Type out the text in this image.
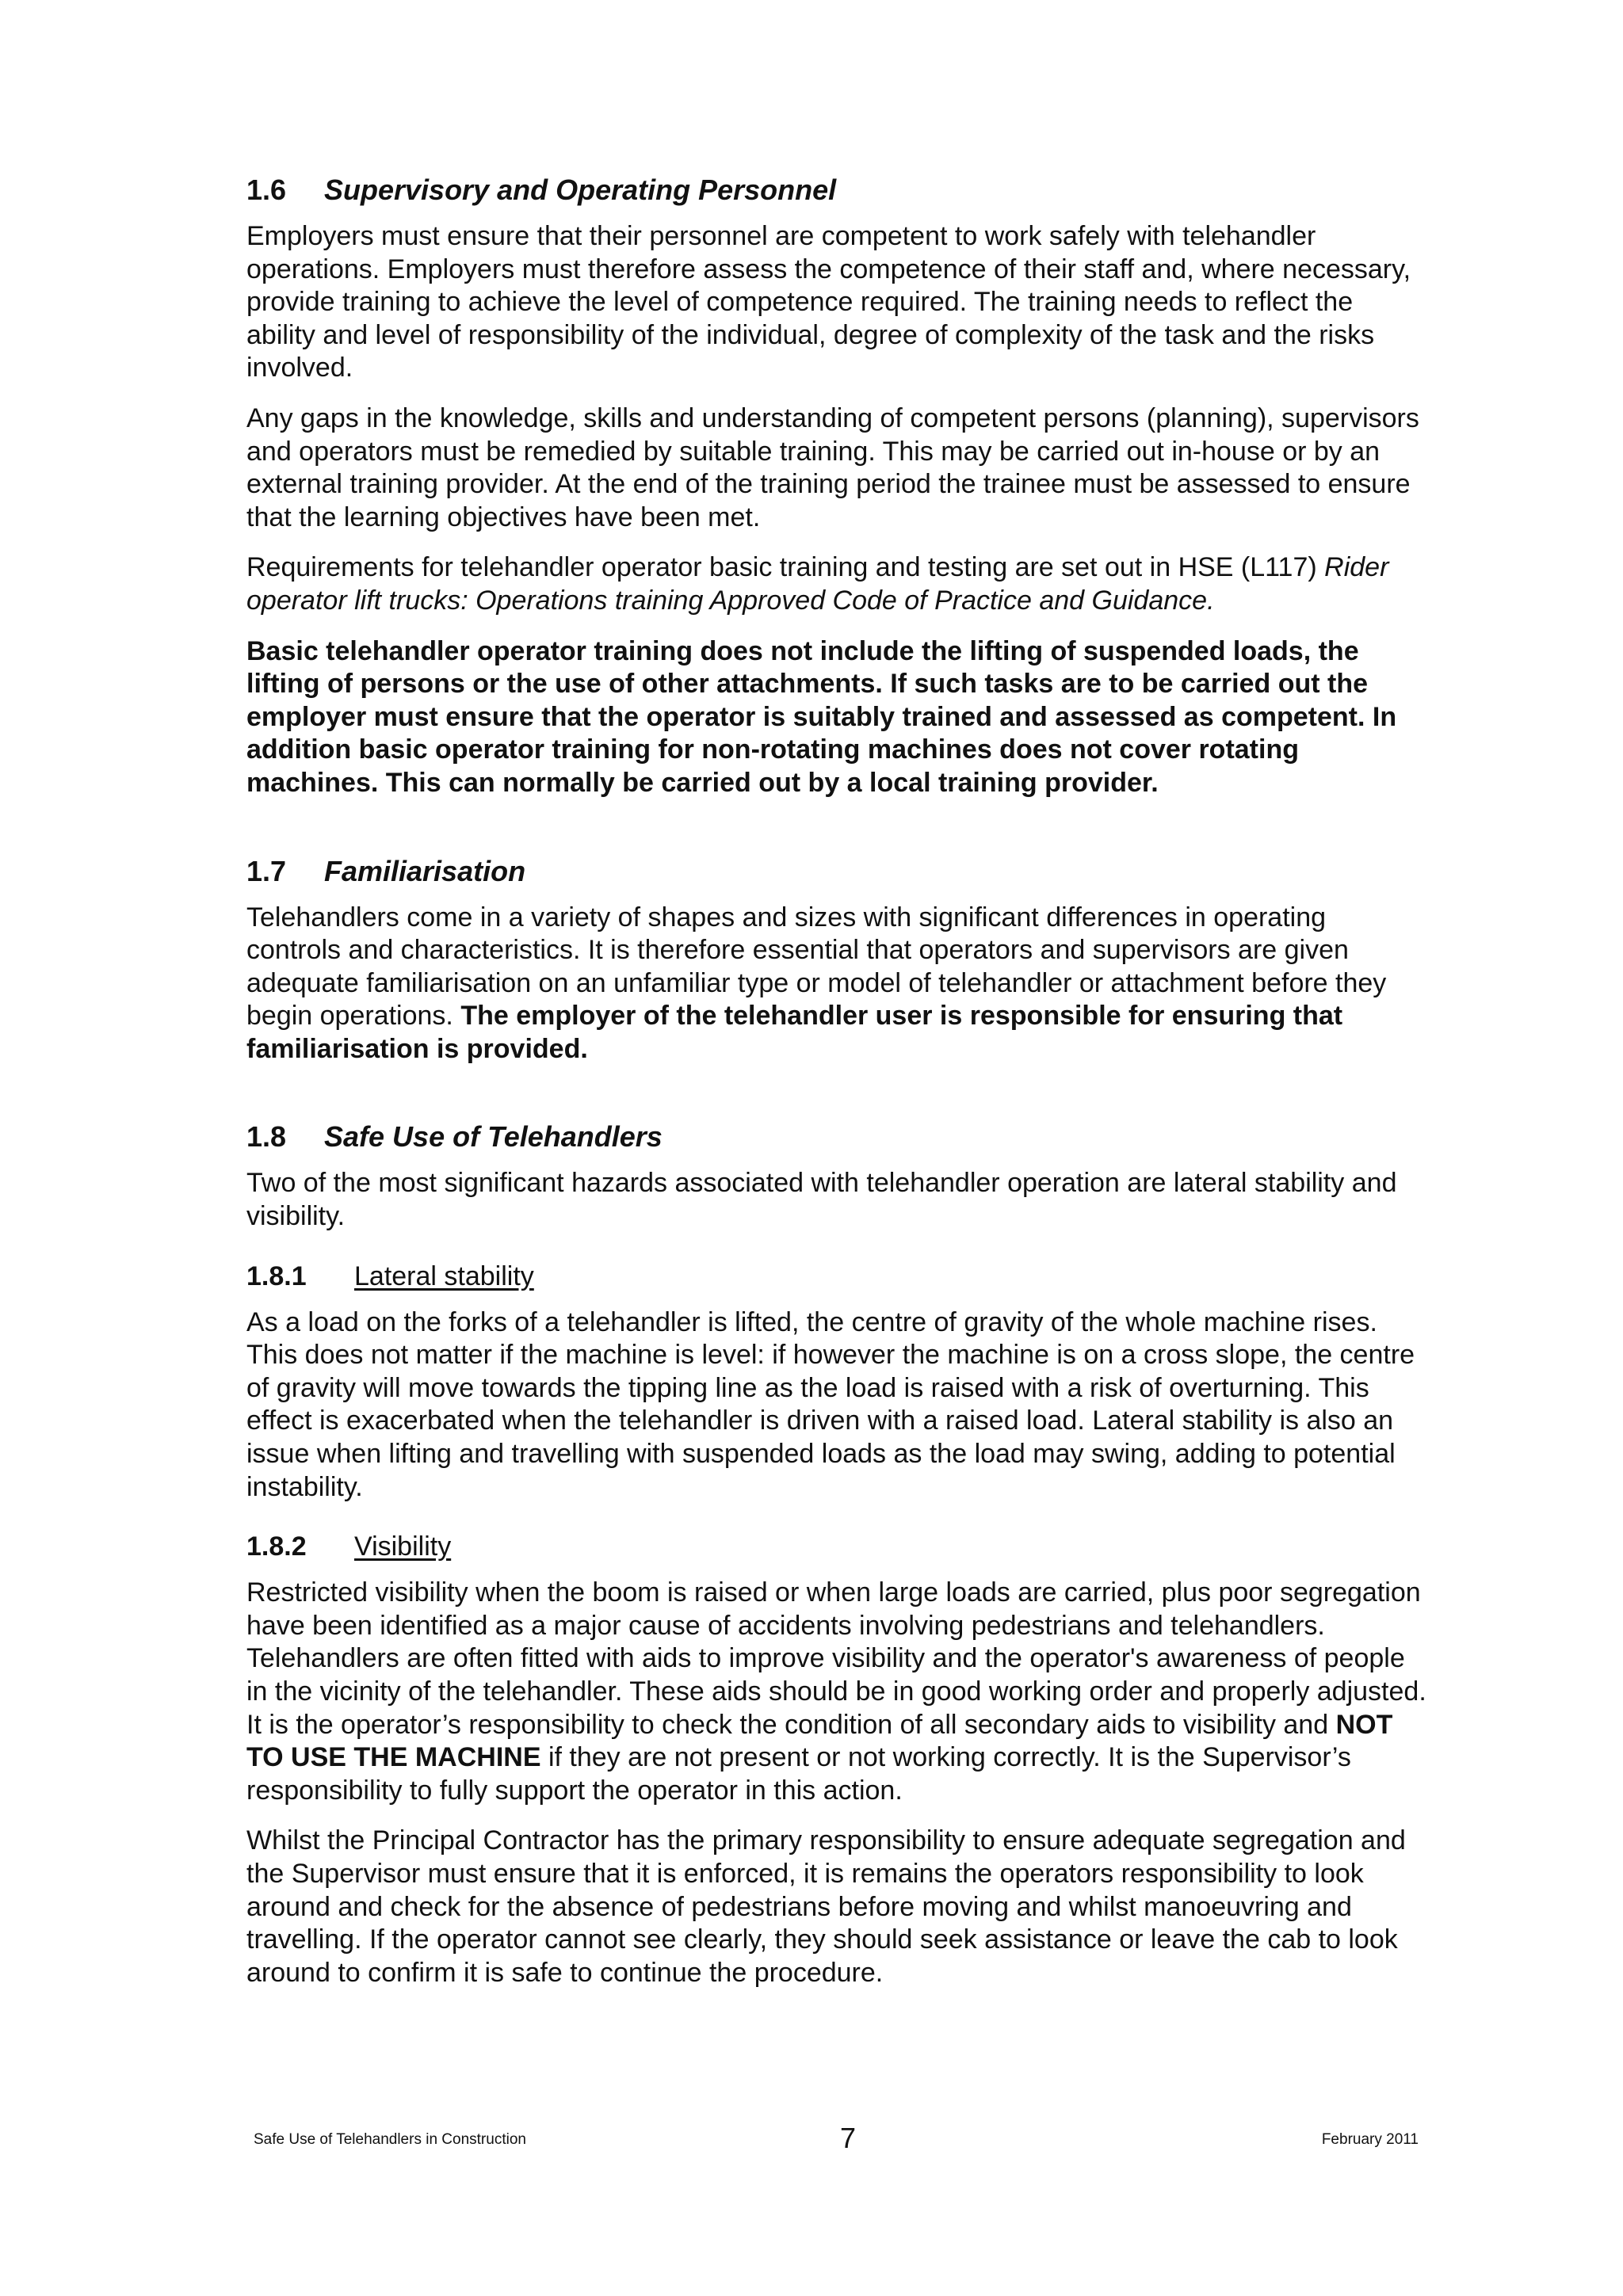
1.6	Supervisory and Operating Personnel

Employers must ensure that their personnel are competent to work safely with telehandler operations. Employers must therefore assess the competence of their staff and, where necessary, provide training to achieve the level of competence required. The training needs to reflect the ability and level of responsibility of the individual, degree of complexity of the task and the risks involved.

Any gaps in the knowledge, skills and understanding of competent persons (planning), supervisors and operators must be remedied by suitable training. This may be carried out in-house or by an external training provider. At the end of the training period the trainee must be assessed to ensure that the learning objectives have been met.

Requirements for telehandler operator basic training and testing are set out in HSE (L117) Rider operator lift trucks: Operations training Approved Code of Practice and Guidance.

Basic telehandler operator training does not include the lifting of suspended loads, the lifting of persons or the use of other attachments. If such tasks are to be carried out the employer must ensure that the operator is suitably trained and assessed as competent. In addition basic operator training for non-rotating machines does not cover rotating machines. This can normally be carried out by a local training provider.

1.7	Familiarisation

Telehandlers come in a variety of shapes and sizes with significant differences in operating controls and characteristics. It is therefore essential that operators and supervisors are given adequate familiarisation on an unfamiliar type or model of telehandler or attachment before they begin operations. The employer of the telehandler user is responsible for ensuring that familiarisation is provided.

1.8	Safe Use of Telehandlers

Two of the most significant hazards associated with telehandler operation are lateral stability and visibility.

1.8.1	Lateral stability

As a load on the forks of a telehandler is lifted, the centre of gravity of the whole machine rises. This does not matter if the machine is level: if however the machine is on a cross slope, the centre of gravity will move towards the tipping line as the load is raised with a risk of overturning. This effect is exacerbated when the telehandler is driven with a raised load. Lateral stability is also an issue when lifting and travelling with suspended loads as the load may swing, adding to potential instability.

1.8.2	Visibility

Restricted visibility when the boom is raised or when large loads are carried, plus poor segregation have been identified as a major cause of accidents involving pedestrians and telehandlers. Telehandlers are often fitted with aids to improve visibility and the operator's awareness of people in the vicinity of the telehandler. These aids should be in good working order and properly adjusted. It is the operator’s responsibility to check the condition of all secondary aids to visibility and NOT TO USE THE MACHINE if they are not present or not working correctly. It is the Supervisor’s responsibility to fully support the operator in this action.

Whilst the Principal Contractor has the primary responsibility to ensure adequate segregation and the Supervisor must ensure that it is enforced, it is remains the operators responsibility to look around and check for the absence of pedestrians before moving and whilst manoeuvring and travelling. If the operator cannot see clearly, they should seek assistance or leave the cab to look around to confirm it is safe to continue the procedure.

Safe Use of Telehandlers in Construction	7	February 2011
